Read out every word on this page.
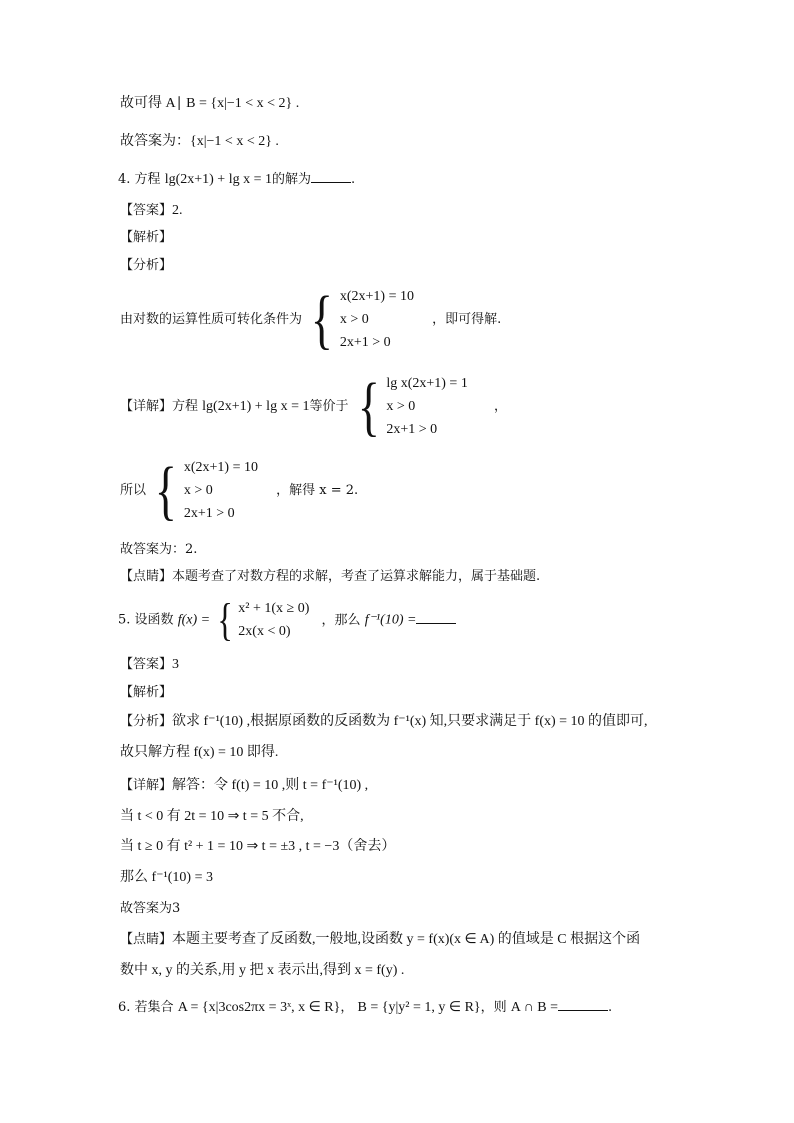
故可得 A∣ B = {x|−1 < x < 2} .
故答案为：{x|−1 < x < 2} .
4. 方程 lg(2x+1) + lg x = 1的解为	.
【答案】2.
【解析】
【分析】
由对数的运算性质可转化条件为 { x(2x+1) = 10
x > 0
2x+1 > 0
，即可得解.
【详解】方程 lg(2x+1) + lg x = 1等价于 { lg x(2x+1) = 1
x > 0
2x+1 > 0
，
所以 { x(2x+1) = 10
x > 0
2x+1 > 0
，解得 x = 2.
故答案为：2.
【点睛】本题考查了对数方程的求解，考查了运算求解能力，属于基础题.
5. 设函数 f(x) = { x² + 1(x ≥ 0)
2x(x < 0)
，那么 f⁻¹(10) =
【答案】3
【解析】
【分析】欲求 f⁻¹(10) ,根据原函数的反函数为 f⁻¹(x) 知,只要求满足于 f(x) = 10 的值即可,
故只解方程 f(x) = 10 即得.
【详解】解答：令 f(t) = 10 ,则 t = f⁻¹(10) ,
当 t < 0 有 2t = 10 ⇒ t = 5 不合,
当 t ≥ 0 有 t² + 1 = 10 ⇒ t = ±3 , t = −3（舍去）
那么 f⁻¹(10) = 3
故答案为3
【点睛】本题主要考查了反函数,一般地,设函数 y = f(x)(x ∈ A) 的值域是 C 根据这个函
数中 x, y 的关系,用 y 把 x 表示出,得到 x = f(y) .
6. 若集合 A = {x|3cos2πx = 3ˣ, x ∈ R}， B = {y|y² = 1, y ∈ R}，则 A ∩ B =	.
